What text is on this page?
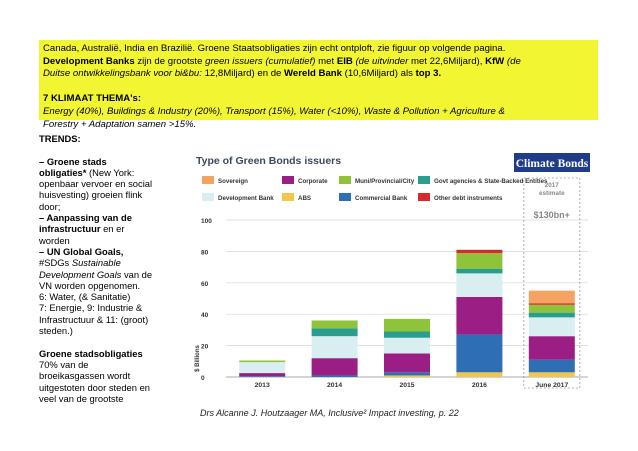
Canada, Australië, India en Brazilië. Groene Staatsobligaties zijn echt ontploft, zie figuur op volgende pagina.
Development Banks zijn de grootste green issuers (cumulatief) met EIB (de uitvinder met 22,6Miljard), KfW (de
Duitse ontwikkelingsbank voor bi&bu: 12,8Miljard) en de Wereld Bank (10,6Miljard) als top 3.
7 KLIMAAT THEMA's:
Energy (40%), Buildings & Industry (20%), Transport (15%), Water (<10%), Waste & Pollution + Agriculture &
Forestry + Adaptation samen >15%.
TRENDS:
– Groene stads
obligaties* (New York:
openbaar vervoer en social
huisvesting) groeien flink
door;
– Aanpassing van de
infrastructuur en er
worden
– UN Global Goals,
#SDGs Sustainable
Development Goals van de
VN worden opgenomen.
6: Water, (& Sanitatie)
7: Energie, 9: Industrie &
Infrastructuur & 11: (groot)
steden.)
Groene stadsobligaties
70% van de
broeikasgassen wordt
uitgestoten door steden en
veel van de grootste
Type of Green Bonds issuers	Climate Bonds
Sovereign	Corporate	Muni/Provincial/City	Govt agencies & State-Backed Entities
Development Bank	ABS	Commercial Bank	Other debt instruments
0
20
40
60
80
100
$ Billions
2017
estimate
$130bn+
2013	2014	2015	2016	June 2017
Drs Alcanne J. Houtzaager MA, Inclusive² Impact investing, p. 22
